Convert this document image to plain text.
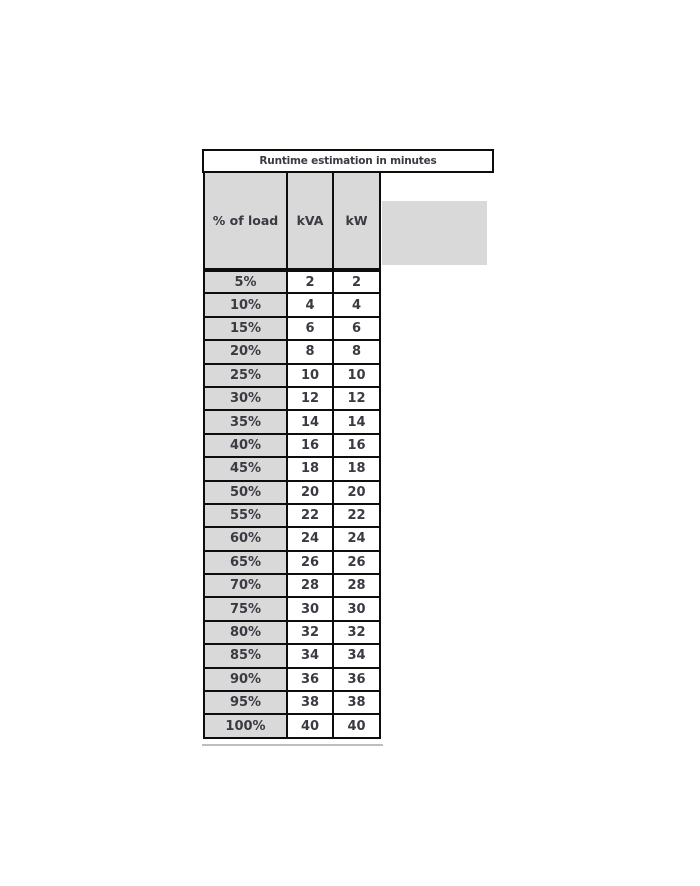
Runtime estimation in minutes
% of load	kVA	kW
5%	2	2
10%	4	4
15%	6	6
20%	8	8
25%	10	10
30%	12	12
35%	14	14
40%	16	16
45%	18	18
50%	20	20
55%	22	22
60%	24	24
65%	26	26
70%	28	28
75%	30	30
80%	32	32
85%	34	34
90%	36	36
95%	38	38
100%	40	40
